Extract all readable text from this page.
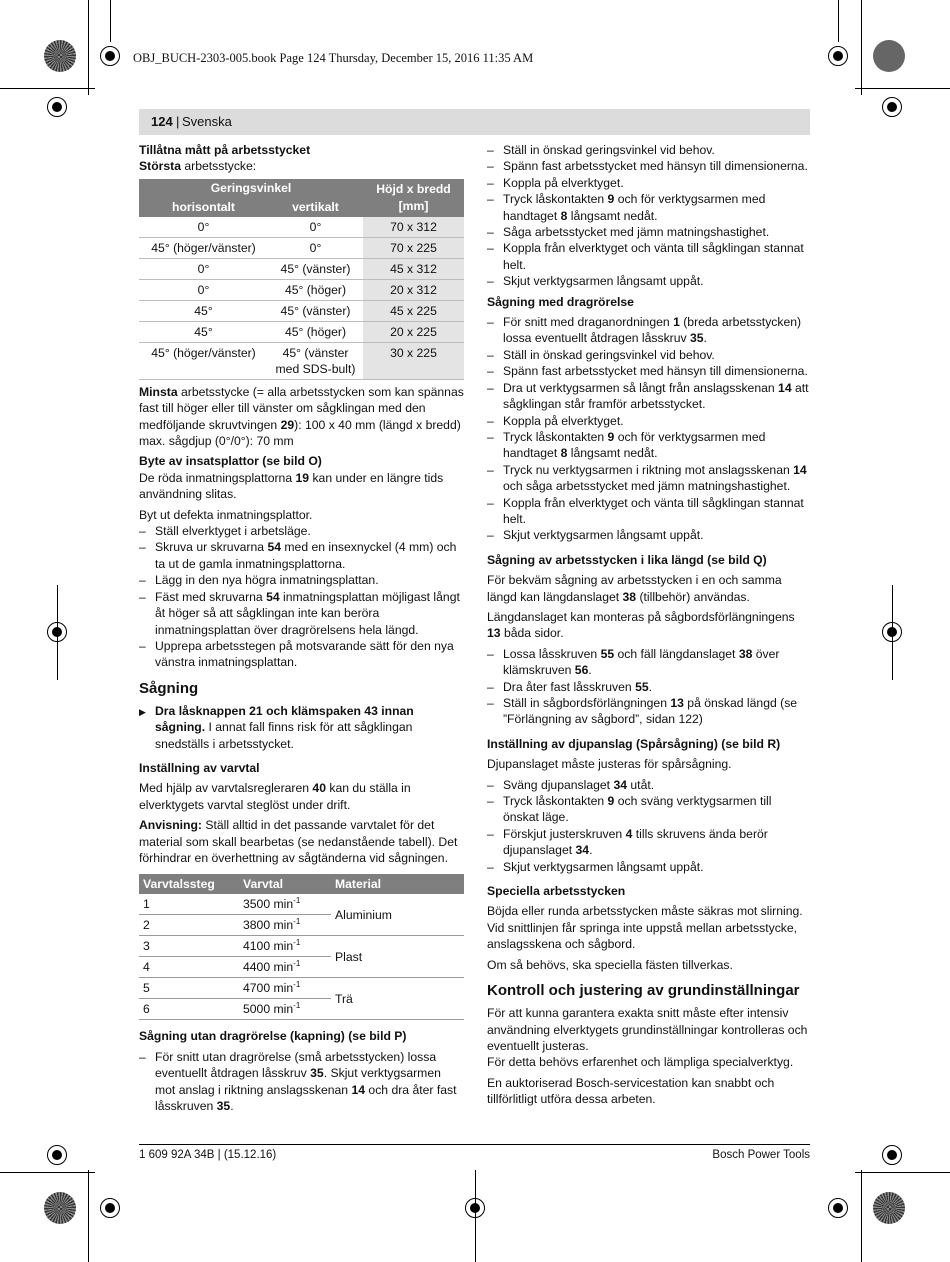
OBJ_BUCH-2303-005.book Page 124 Thursday, December 15, 2016 11:35 AM
124 | Svenska

Tillåtna mått på arbetsstycket

Största arbetsstycke:

Geringsvinkel		Höjd x bredd [mm]
horisontalt	vertikalt	
0°	0°	70 x 312
45° (höger/vänster)	0°	70 x 225
0°	45° (vänster)	45 x 312
0°	45° (höger)	20 x 312
45°	45° (vänster)	45 x 225
45°	45° (höger)	20 x 225
45° (höger/vänster)	45° (vänster med SDS-bult)	30 x 225

Minsta arbetsstycke (= alla arbetsstycken som kan spännas fast till höger eller till vänster om sågklingan med den medföljande skruvtvingen 29): 100 x 40 mm (längd x bredd)

max. sågdjup (0°/0°): 70 mm

Byte av insatsplattor (se bild O)

De röda inmatningsplattorna 19 kan under en längre tids användning slitas.

Byt ut defekta inmatningsplattor.

– Ställ elverktyget i arbetsläge.

– Skruva ur skruvarna 54 med en insexnyckel (4 mm) och ta ut de gamla inmatningsplattorna.

– Lägg in den nya högra inmatningsplattan.

– Fäst med skruvarna 54 inmatningsplattan möjligast långt åt höger så att sågklingan inte kan beröra inmatningsplattan över dragrörelsens hela längd.

– Upprepa arbetsstegen på motsvarande sätt för den nya vänstra inmatningsplattan.

Sågning

▶ Dra låsknappen 21 och klämspaken 43 innan sågning. I annat fall finns risk för att sågklingan snedställs i arbetsstycket.

Inställning av varvtal

Med hjälp av varvtalsregleraren 40 kan du ställa in elverktygets varvtal steglöst under drift.

Anvisning: Ställ alltid in det passande varvtalet för det material som skall bearbetas (se nedanstående tabell). Det förhindrar en överhettning av sågtänderna vid sågningen.

Varvtalssteg	Varvtal	Material
1	3500 $\min^{-1}$	Aluminium
2	3800 $\min^{-1}$
3	4100 $\min^{-1}$	Plast
4	4400 $\min^{-1}$
5	4700 $\min^{-1}$	Trä
6	5000 $\min^{-1}$

Sågning utan dragrörelse (kapning) (se bild P)

– För snitt utan dragrörelse (små arbetsstycken) lossa eventuellt åtdragen låsskruv 35. Skjut verktygsarmen mot anslag i riktning anslagsskenan 14 och dra åter fast låsskruven 35.

– Ställ in önskad geringsvinkel vid behov.

– Spänn fast arbetsstycket med hänsyn till dimensionerna.

– Koppla på elverktyget.

– Tryck låskontakten 9 och för verktygsarmen med handtaget 8 långsamt nedåt.

– Såga arbetsstycket med jämn matningshastighet.

– Koppla från elverktyget och vänta till sågklingan stannat helt.

– Skjut verktygsarmen långsamt uppåt.

Sågning med dragrörelse

– För snitt med draganordningen 1 (breda arbetsstycken) lossa eventuellt åtdragen låsskruv 35.

– Ställ in önskad geringsvinkel vid behov.

– Spänn fast arbetsstycket med hänsyn till dimensionerna.

– Dra ut verktygsarmen så långt från anslagsskenan 14 att sågklingan står framför arbetsstycket.

– Koppla på elverktyget.

– Tryck låskontakten 9 och för verktygsarmen med handtaget 8 långsamt nedåt.

– Tryck nu verktygsarmen i riktning mot anslagsskenan 14 och såga arbetsstycket med jämn matningshastighet.

– Koppla från elverktyget och vänta till sågklingan stannat helt.

– Skjut verktygsarmen långsamt uppåt.

Sågning av arbetsstycken i lika längd (se bild Q)

För bekväm sågning av arbetsstycken i en och samma längd kan längdanslaget 38 (tillbehör) användas.

Längdanslaget kan monteras på sågbordsförlängningens 13 båda sidor.

– Lossa låsskruven 55 och fäll längdanslaget 38 över klämskruven 56.

– Dra åter fast låsskruven 55.

– Ställ in sågbordsförlängningen 13 på önskad längd (se ”Förlängning av sågbord”, sidan 122)

Inställning av djupanslag (Spårsågning) (se bild R)

Djupanslaget måste justeras för spårsågning.

– Sväng djupanslaget 34 utåt.

– Tryck låskontakten 9 och sväng verktygsarmen till önskat läge.

– Förskjut justerskruven 4 tills skruvens ända berör djupanslaget 34.

– Skjut verktygsarmen långsamt uppåt.

Speciella arbetsstycken

Böjda eller runda arbetsstycken måste säkras mot slirning. Vid snittlinjen får springa inte uppstå mellan arbetsstycke, anslagsskena och sågbord.

Om så behövs, ska speciella fästen tillverkas.

Kontroll och justering av grundinställningar

För att kunna garantera exakta snitt måste efter intensiv användning elverktygets grundinställningar kontrolleras och eventuellt justeras.

För detta behövs erfarenhet och lämpliga specialverktyg.

En auktoriserad Bosch-servicestation kan snabbt och tillförlitligt utföra dessa arbeten.

1 609 92A 34B | (15.12.16)	Bosch Power Tools
